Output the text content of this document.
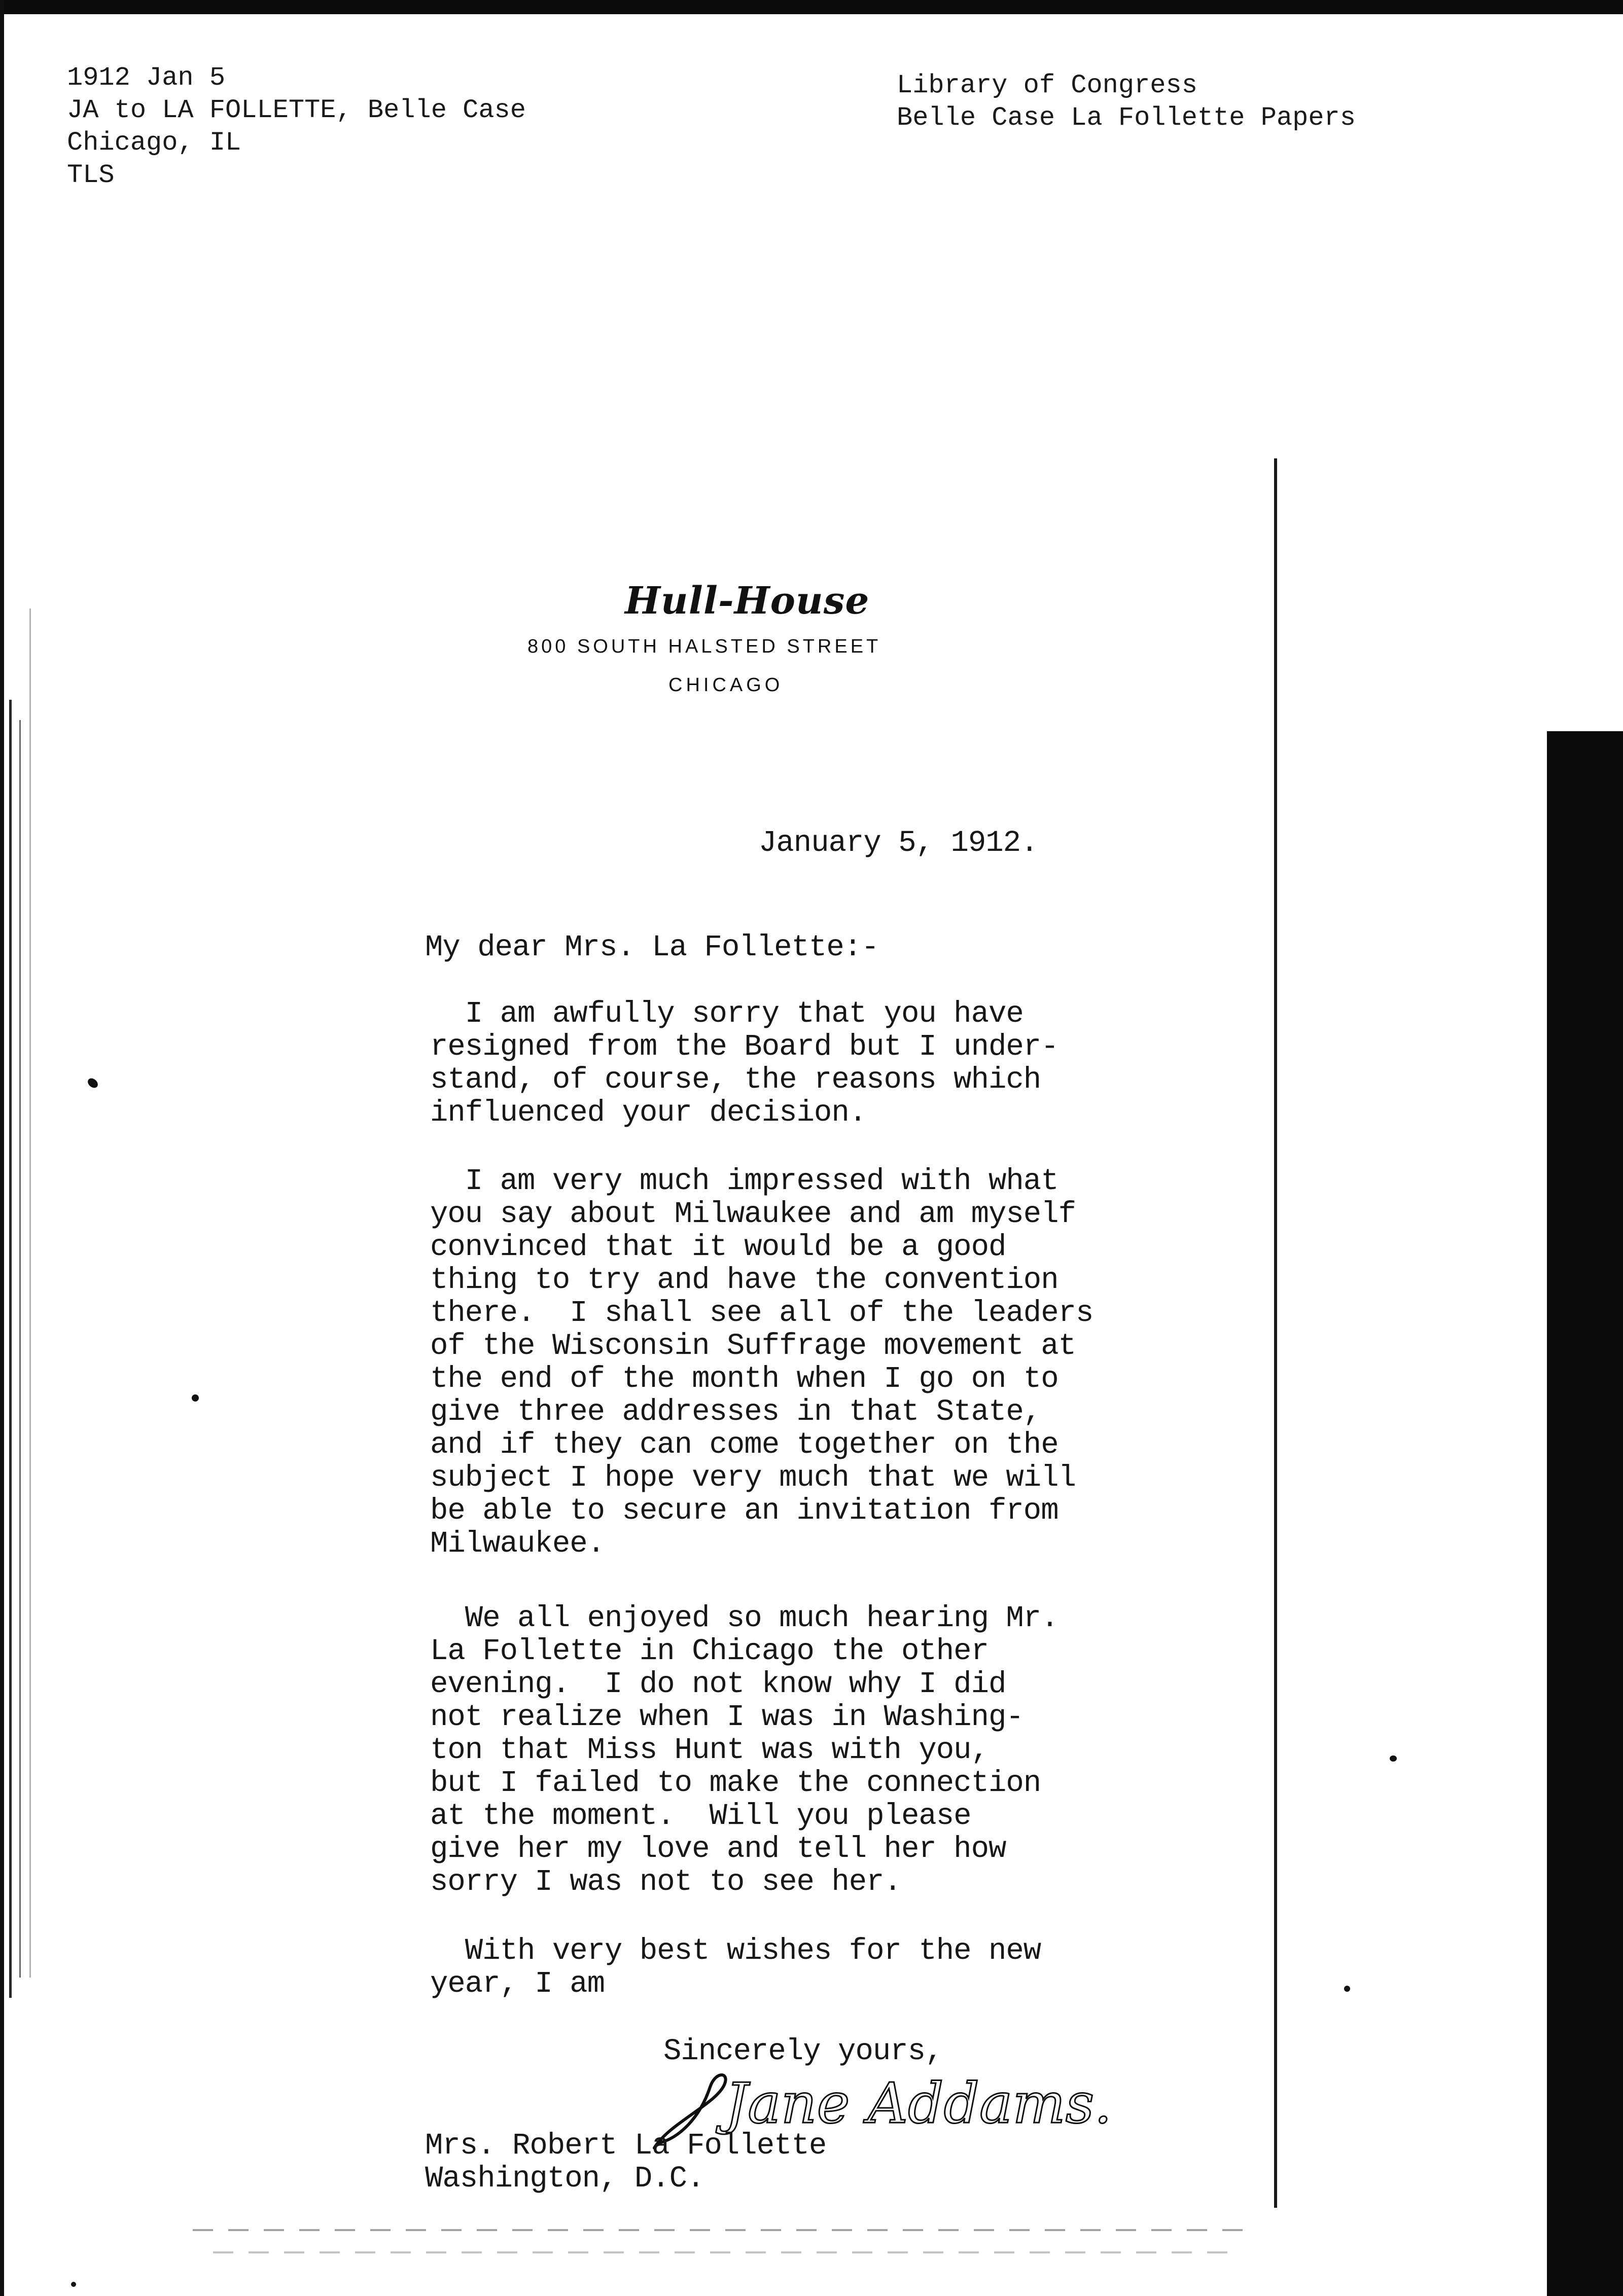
1912 Jan 5
JA to LA FOLLETTE, Belle Case
Chicago, IL
TLS
Library of Congress
Belle Case La Follette Papers
Hull-House
800 SOUTH HALSTED STREET
CHICAGO
January 5, 1912.
My dear Mrs. La Follette:-
I am awfully sorry that you have
resigned from the Board but I under-
stand, of course, the reasons which
influenced your decision.
I am very much impressed with what
you say about Milwaukee and am myself
convinced that it would be a good
thing to try and have the convention
there.  I shall see all of the leaders
of the Wisconsin Suffrage movement at
the end of the month when I go on to
give three addresses in that State,
and if they can come together on the
subject I hope very much that we will
be able to secure an invitation from
Milwaukee.
We all enjoyed so much hearing Mr.
La Follette in Chicago the other
evening.  I do not know why I did
not realize when I was in Washing-
ton that Miss Hunt was with you,
but I failed to make the connection
at the moment.  Will you please
give her my love and tell her how
sorry I was not to see her.
With very best wishes for the new
year, I am
Sincerely yours,
Jane Addams.
Mrs. Robert La Follette
Washington, D.C.
